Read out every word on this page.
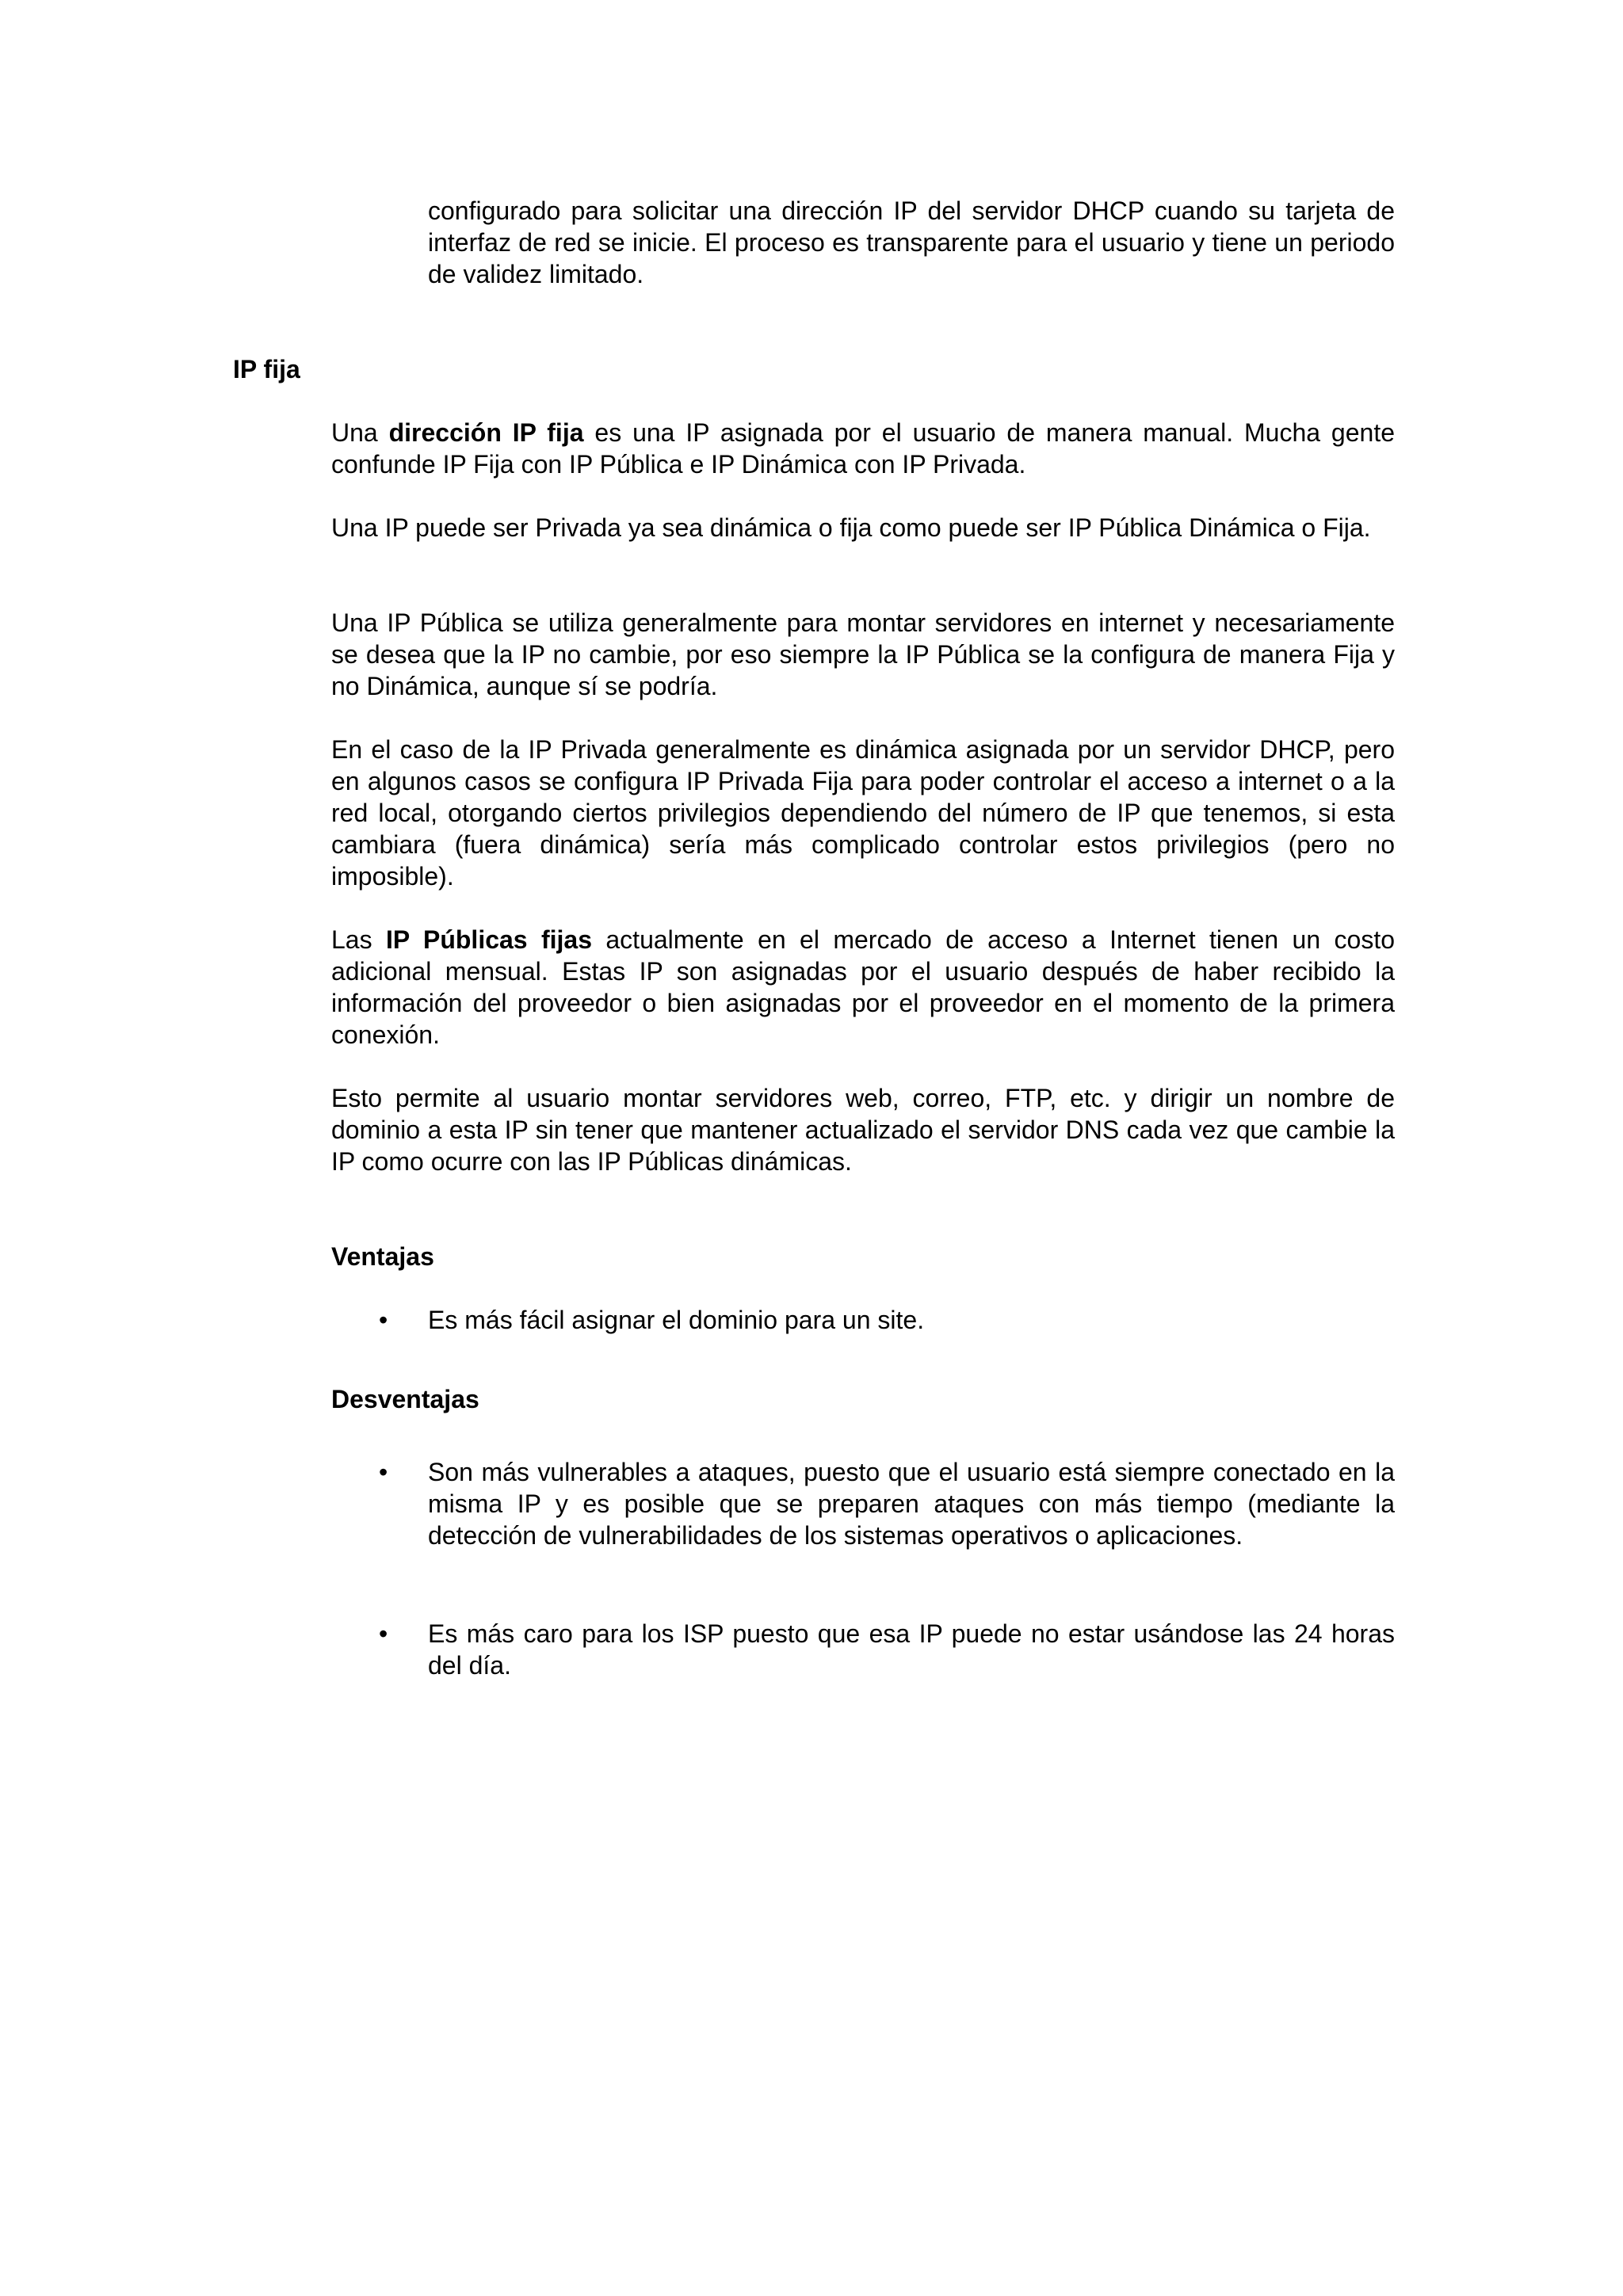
configurado para solicitar una dirección IP del servidor DHCP cuando su tarjeta de interfaz de red se inicie. El proceso es transparente para el usuario y tiene un periodo de validez limitado.

IP fija

Una dirección IP fija es una IP asignada por el usuario de manera manual. Mucha gente confunde IP Fija con IP Pública e IP Dinámica con IP Privada.

Una IP puede ser Privada ya sea dinámica o fija como puede ser IP Pública Dinámica o Fija.

Una IP Pública se utiliza generalmente para montar servidores en internet y necesariamente se desea que la IP no cambie, por eso siempre la IP Pública se la configura de manera Fija y no Dinámica, aunque sí se podría.

En el caso de la IP Privada generalmente es dinámica asignada por un servidor DHCP, pero en algunos casos se configura IP Privada Fija para poder controlar el acceso a internet o a la red local, otorgando ciertos privilegios dependiendo del número de IP que tenemos, si esta cambiara (fuera dinámica) sería más complicado controlar estos privilegios (pero no imposible).

Las IP Públicas fijas actualmente en el mercado de acceso a Internet tienen un costo adicional mensual. Estas IP son asignadas por el usuario después de haber recibido la información del proveedor o bien asignadas por el proveedor en el momento de la primera conexión.

Esto permite al usuario montar servidores web, correo, FTP, etc. y dirigir un nombre de dominio a esta IP sin tener que mantener actualizado el servidor DNS cada vez que cambie la IP como ocurre con las IP Públicas dinámicas.

Ventajas
• Es más fácil asignar el dominio para un site.

Desventajas
• Son más vulnerables a ataques, puesto que el usuario está siempre conectado en la misma IP y es posible que se preparen ataques con más tiempo (mediante la detección de vulnerabilidades de los sistemas operativos o aplicaciones.

• Es más caro para los ISP puesto que esa IP puede no estar usándose las 24 horas del día.
